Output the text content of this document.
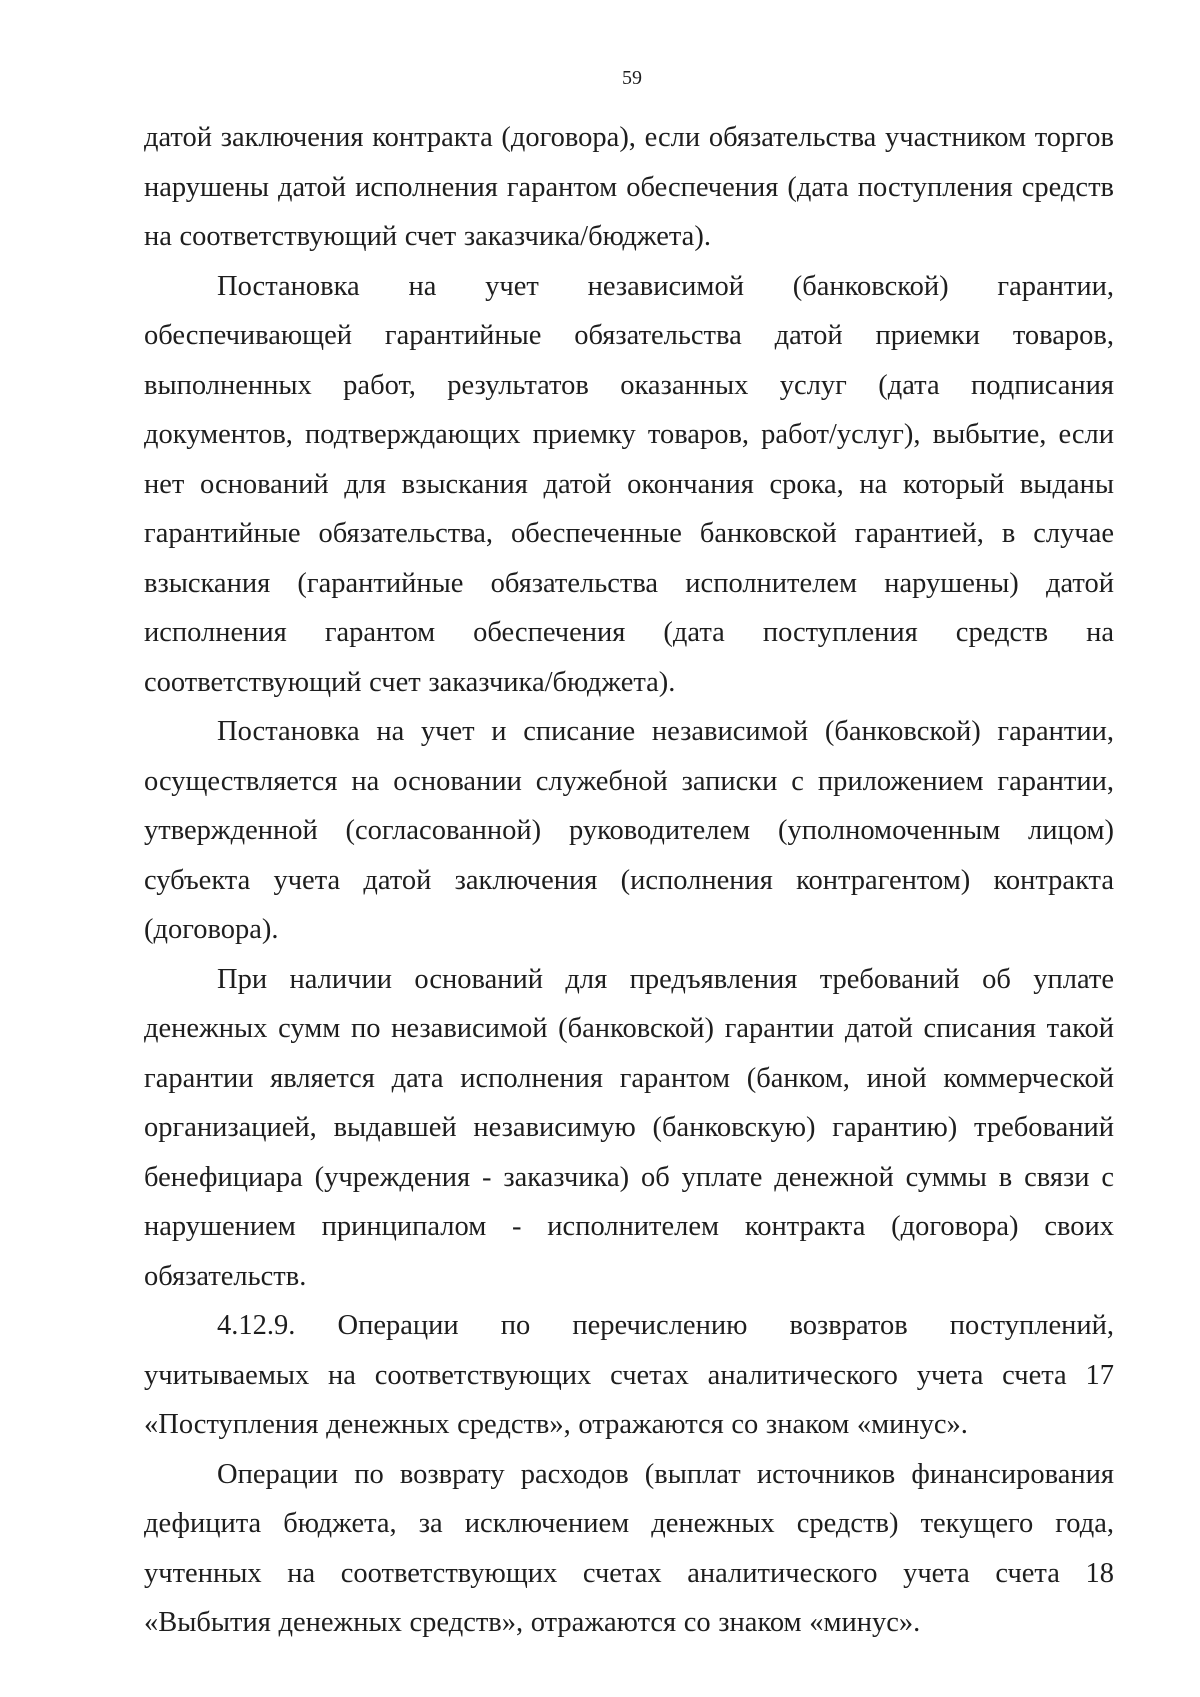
59

датой заключения контракта (договора), если обязательства участником торгов нарушены датой исполнения гарантом обеспечения (дата поступления средств на соответствующий счет заказчика/бюджета).

Постановка на учет независимой (банковской) гарантии, обеспечивающей гарантийные обязательства датой приемки товаров, выполненных работ, результатов оказанных услуг (дата подписания документов, подтверждающих приемку товаров, работ/услуг), выбытие, если нет оснований для взыскания датой окончания срока, на который выданы гарантийные обязательства, обеспеченные банковской гарантией, в случае взыскания (гарантийные обязательства исполнителем нарушены) датой исполнения гарантом обеспечения (дата поступления средств на соответствующий счет заказчика/бюджета).

Постановка на учет и списание независимой (банковской) гарантии, осуществляется на основании служебной записки с приложением гарантии, утвержденной (согласованной) руководителем (уполномоченным лицом) субъекта учета датой заключения (исполнения контрагентом) контракта (договора).

При наличии оснований для предъявления требований об уплате денежных сумм по независимой (банковской) гарантии датой списания такой гарантии является дата исполнения гарантом (банком, иной коммерческой организацией, выдавшей независимую (банковскую) гарантию) требований бенефициара (учреждения - заказчика) об уплате денежной суммы в связи с нарушением принципалом - исполнителем контракта (договора) своих обязательств.

4.12.9. Операции по перечислению возвратов поступлений, учитываемых на соответствующих счетах аналитического учета счета 17 «Поступления денежных средств», отражаются со знаком «минус».

Операции по возврату расходов (выплат источников финансирования дефицита бюджета, за исключением денежных средств) текущего года, учтенных на соответствующих счетах аналитического учета счета 18 «Выбытия денежных средств», отражаются со знаком «минус».
